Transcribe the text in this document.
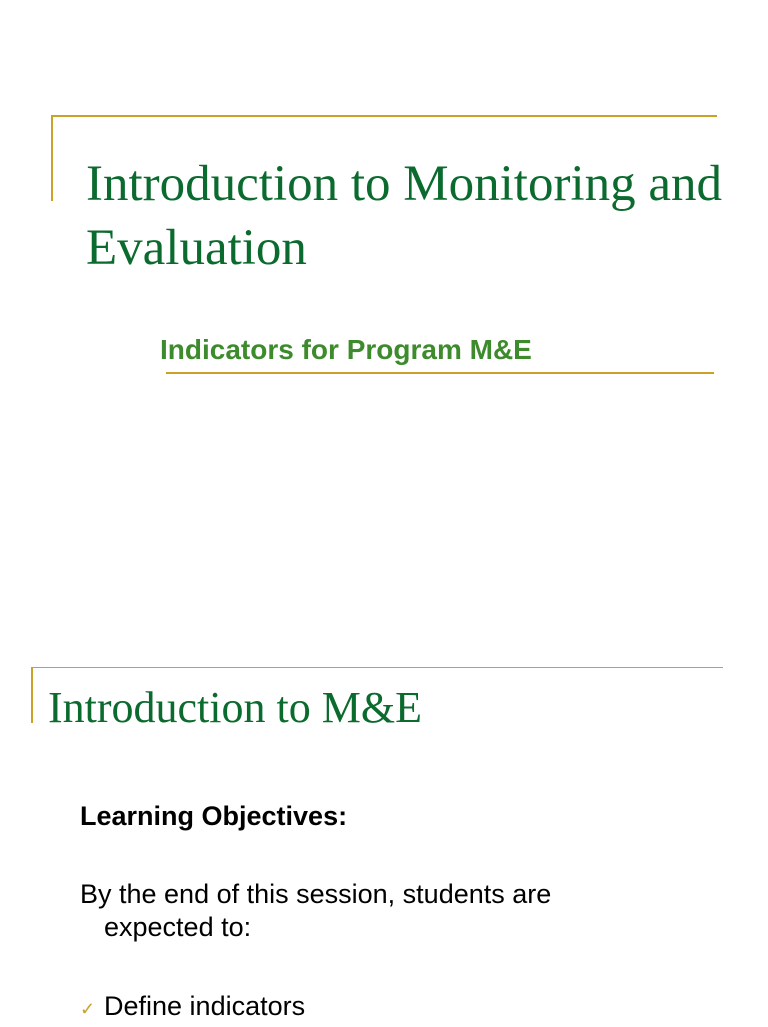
Introduction to Monitoring and Evaluation
Indicators for Program M&E
Introduction to M&E
Learning Objectives:
By the end of this session, students are expected to:
✓ Define indicators
